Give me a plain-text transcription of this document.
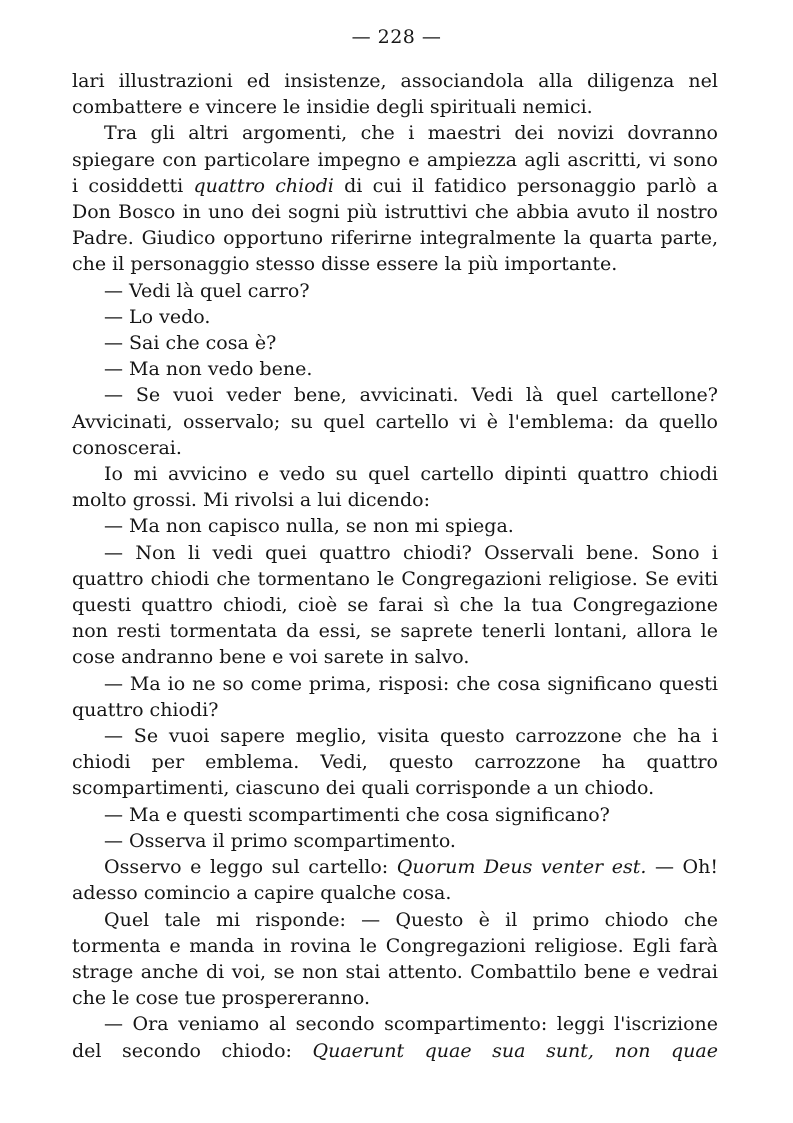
— 228 —

lari illustrazioni ed insistenze, associandola alla diligenza nel combattere e vincere le insidie degli spirituali nemici.

Tra gli altri argomenti, che i maestri dei novizi dovranno spiegare con particolare impegno e ampiezza agli ascritti, vi sono i cosiddetti quattro chiodi di cui il fatidico personaggio parlò a Don Bosco in uno dei sogni più istruttivi che abbia avuto il nostro Padre. Giudico opportuno riferirne integralmente la quarta parte, che il personaggio stesso disse essere la più importante.

— Vedi là quel carro?

— Lo vedo.

— Sai che cosa è?

— Ma non vedo bene.

— Se vuoi veder bene, avvicinati. Vedi là quel cartellone? Avvicinati, osservalo; su quel cartello vi è l'emblema: da quello conoscerai.

Io mi avvicino e vedo su quel cartello dipinti quattro chiodi molto grossi. Mi rivolsi a lui dicendo:

— Ma non capisco nulla, se non mi spiega.

— Non li vedi quei quattro chiodi? Osservali bene. Sono i quattro chiodi che tormentano le Congregazioni religiose. Se eviti questi quattro chiodi, cioè se farai sì che la tua Congregazione non resti tormentata da essi, se saprete tenerli lontani, allora le cose andranno bene e voi sarete in salvo.

— Ma io ne so come prima, risposi: che cosa significano questi quattro chiodi?

— Se vuoi sapere meglio, visita questo carrozzone che ha i chiodi per emblema. Vedi, questo carrozzone ha quattro scompartimenti, ciascuno dei quali corrisponde a un chiodo.

— Ma e questi scompartimenti che cosa significano?

— Osserva il primo scompartimento.

Osservo e leggo sul cartello: Quorum Deus venter est. — Oh! adesso comincio a capire qualche cosa.

Quel tale mi risponde: — Questo è il primo chiodo che tormenta e manda in rovina le Congregazioni religiose. Egli farà strage anche di voi, se non stai attento. Combattilo bene e vedrai che le cose tue prospereranno.

— Ora veniamo al secondo scompartimento: leggi l'iscrizione del secondo chiodo: Quaerunt quae sua sunt, non quae
